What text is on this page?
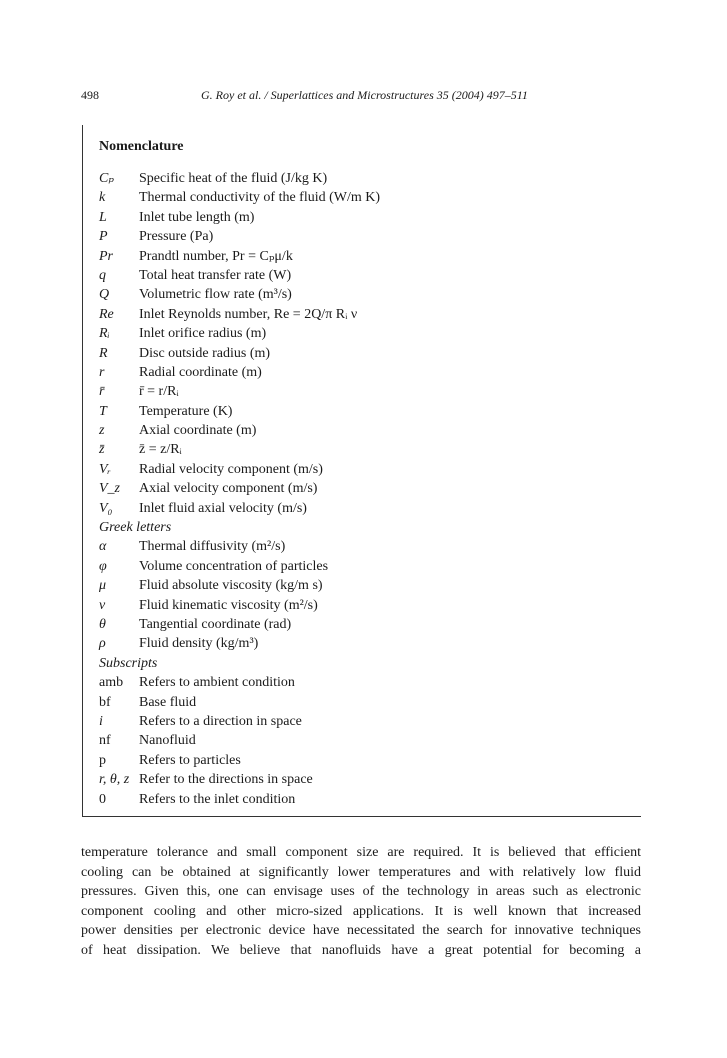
498	G. Roy et al. / Superlattices and Microstructures 35 (2004) 497–511
Nomenclature
Cₚ Specific heat of the fluid (J/kg K)
k Thermal conductivity of the fluid (W/m K)
L Inlet tube length (m)
P Pressure (Pa)
Pr Prandtl number, Pr = Cₚμ/k
q Total heat transfer rate (W)
Q Volumetric flow rate (m³/s)
Re Inlet Reynolds number, Re = 2Q/π Rᵢ ν
Rᵢ Inlet orifice radius (m)
R Disc outside radius (m)
r Radial coordinate (m)
r̄ r̄ = r/Rᵢ
T Temperature (K)
z Axial coordinate (m)
z̄ z̄ = z/Rᵢ
Vᵣ Radial velocity component (m/s)
V_z Axial velocity component (m/s)
V₀ Inlet fluid axial velocity (m/s)
Greek letters
α Thermal diffusivity (m²/s)
φ Volume concentration of particles
μ Fluid absolute viscosity (kg/m s)
ν Fluid kinematic viscosity (m²/s)
θ Tangential coordinate (rad)
ρ Fluid density (kg/m³)
Subscripts
amb Refers to ambient condition
bf Base fluid
i	Refers to a direction in space
nf Nanofluid
p Refers to particles
r, θ, z Refer to the directions in space
0 Refers to the inlet condition
temperature tolerance and small component size are required. It is believed that efficient
cooling can be obtained at significantly lower temperatures and with relatively low fluid
pressures. Given this, one can envisage uses of the technology in areas such as electronic
component cooling and other micro-sized applications. It is well known that increased
power densities per electronic device have necessitated the search for innovative techniques
of heat dissipation. We believe that nanofluids have a great potential for becoming a
